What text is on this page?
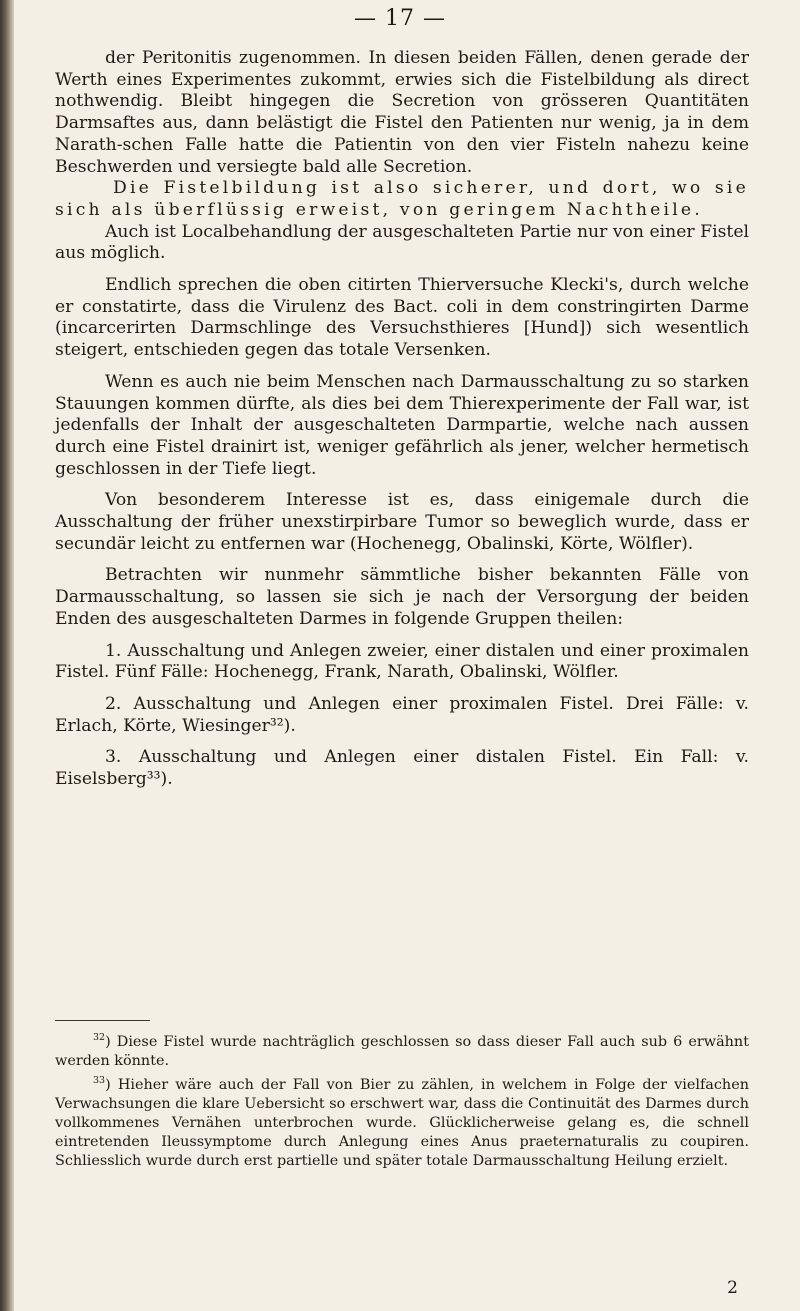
— 17 —

der Peritonitis zugenommen. In diesen beiden Fällen, denen gerade der Werth eines Experimentes zukommt, erwies sich die Fistelbildung als direct nothwendig. Bleibt hingegen die Secretion von grösseren Quantitäten Darmsaftes aus, dann belästigt die Fistel den Patienten nur wenig, ja in dem Narath-schen Falle hatte die Patientin von den vier Fisteln nahezu keine Beschwerden und versiegte bald alle Secretion.

Die Fistelbildung ist also sicherer, und dort, wo sie sich als überflüssig erweist, von geringem Nachtheile.

Auch ist Localbehandlung der ausgeschalteten Partie nur von einer Fistel aus möglich.

Endlich sprechen die oben citirten Thierversuche Klecki's, durch welche er constatirte, dass die Virulenz des Bact. coli in dem constringirten Darme (incarcerirten Darmschlinge des Versuchsthieres [Hund]) sich wesentlich steigert, entschieden gegen das totale Versenken.

Wenn es auch nie beim Menschen nach Darmausschaltung zu so starken Stauungen kommen dürfte, als dies bei dem Thierexperimente der Fall war, ist jedenfalls der Inhalt der ausgeschalteten Darmpartie, welche nach aussen durch eine Fistel drainirt ist, weniger gefährlich als jener, welcher hermetisch geschlossen in der Tiefe liegt.

Von besonderem Interesse ist es, dass einigemale durch die Ausschaltung der früher unexstirpirbare Tumor so beweglich wurde, dass er secundär leicht zu entfernen war (Hochenegg, Obalinski, Körte, Wölfler).

Betrachten wir nunmehr sämmtliche bisher bekannten Fälle von Darmausschaltung, so lassen sie sich je nach der Versorgung der beiden Enden des ausgeschalteten Darmes in folgende Gruppen theilen:

1. Ausschaltung und Anlegen zweier, einer distalen und einer proximalen Fistel. Fünf Fälle: Hochenegg, Frank, Narath, Obalinski, Wölfler.

2. Ausschaltung und Anlegen einer proximalen Fistel. Drei Fälle: v. Erlach, Körte, Wiesinger³²).

3. Ausschaltung und Anlegen einer distalen Fistel. Ein Fall: v. Eiselsberg³³).

$^{32}$) Diese Fistel wurde nachträglich geschlossen so dass dieser Fall auch sub 6 erwähnt werden könnte.

$^{33}$) Hieher wäre auch der Fall von Bier zu zählen, in welchem in Folge der vielfachen Verwachsungen die klare Uebersicht so erschwert war, dass die Continuität des Darmes durch vollkommenes Vernähen unterbrochen wurde. Glücklicherweise gelang es, die schnell eintretenden Ileussymptome durch Anlegung eines Anus praeternaturalis zu coupiren. Schliesslich wurde durch erst partielle und später totale Darmausschaltung Heilung erzielt.

2
